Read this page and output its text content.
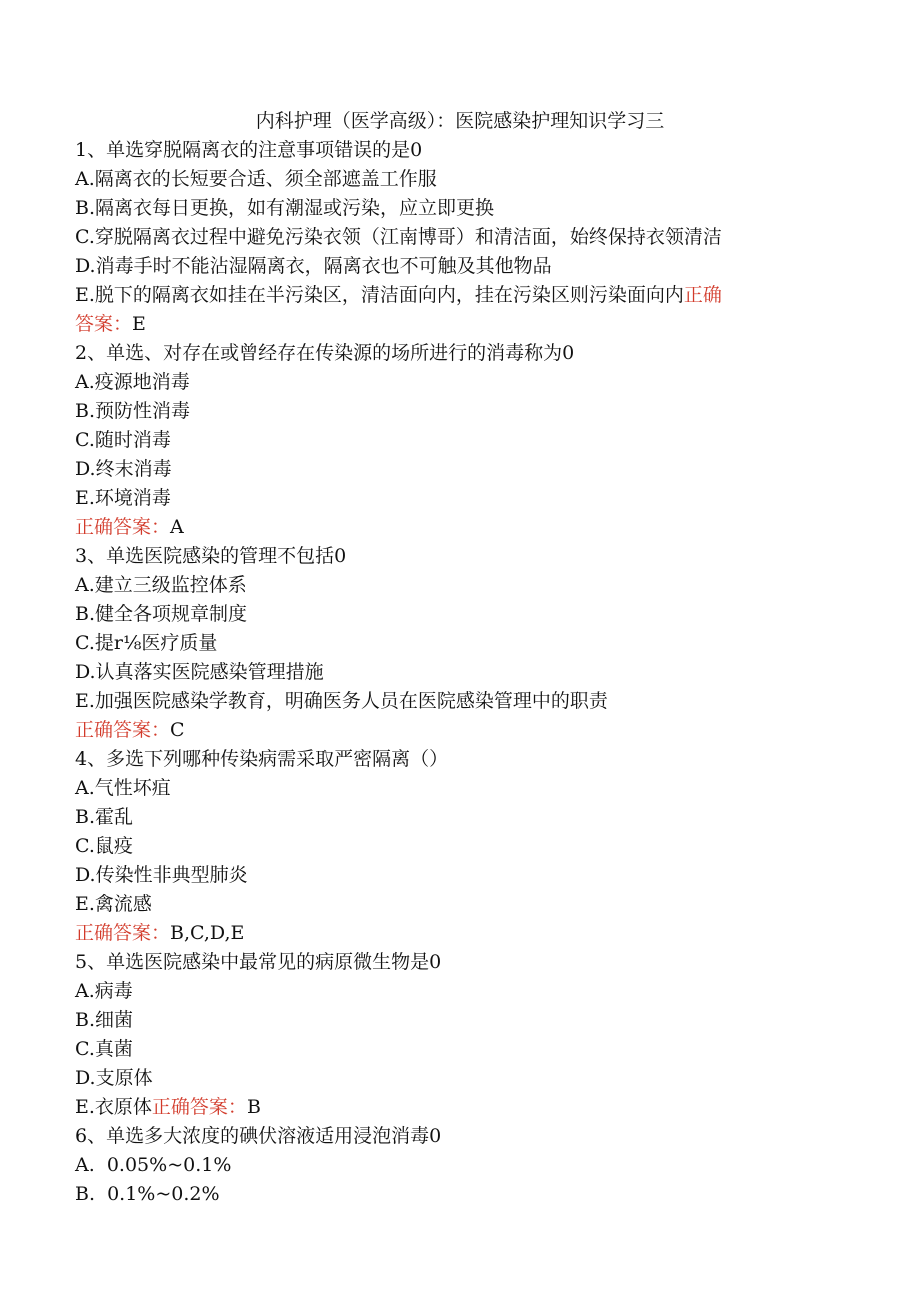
内科护理（医学高级）：医院感染护理知识学习三
1、单选穿脱隔离衣的注意事项错误的是0
A.隔离衣的长短要合适、须全部遮盖工作服
B.隔离衣每日更换，如有潮湿或污染，应立即更换
C.穿脱隔离衣过程中避免污染衣领（江南博哥）和清洁面，始终保持衣领清洁
D.消毒手时不能沾湿隔离衣，隔离衣也不可触及其他物品
E.脱下的隔离衣如挂在半污染区，清洁面向内，挂在污染区则污染面向内正确
答案：E
2、单选、对存在或曾经存在传染源的场所进行的消毒称为0
A.疫源地消毒
B.预防性消毒
C.随时消毒
D.终末消毒
E.环境消毒
正确答案：A
3、单选医院感染的管理不包括0
A.建立三级监控体系
B.健全各项规章制度
C.提r⅛医疗质量
D.认真落实医院感染管理措施
E.加强医院感染学教育，明确医务人员在医院感染管理中的职责
正确答案：C
4、多选下列哪种传染病需采取严密隔离（）
A.气性坏疽
B.霍乱
C.鼠疫
D.传染性非典型肺炎
E.禽流感
正确答案：B,C,D,E
5、单选医院感染中最常见的病原微生物是0
A.病毒
B.细菌
C.真菌
D.支原体
E.衣原体正确答案：B
6、单选多大浓度的碘伏溶液适用浸泡消毒0
A.  0.05%~0.1%
B.  0.1%~0.2%
